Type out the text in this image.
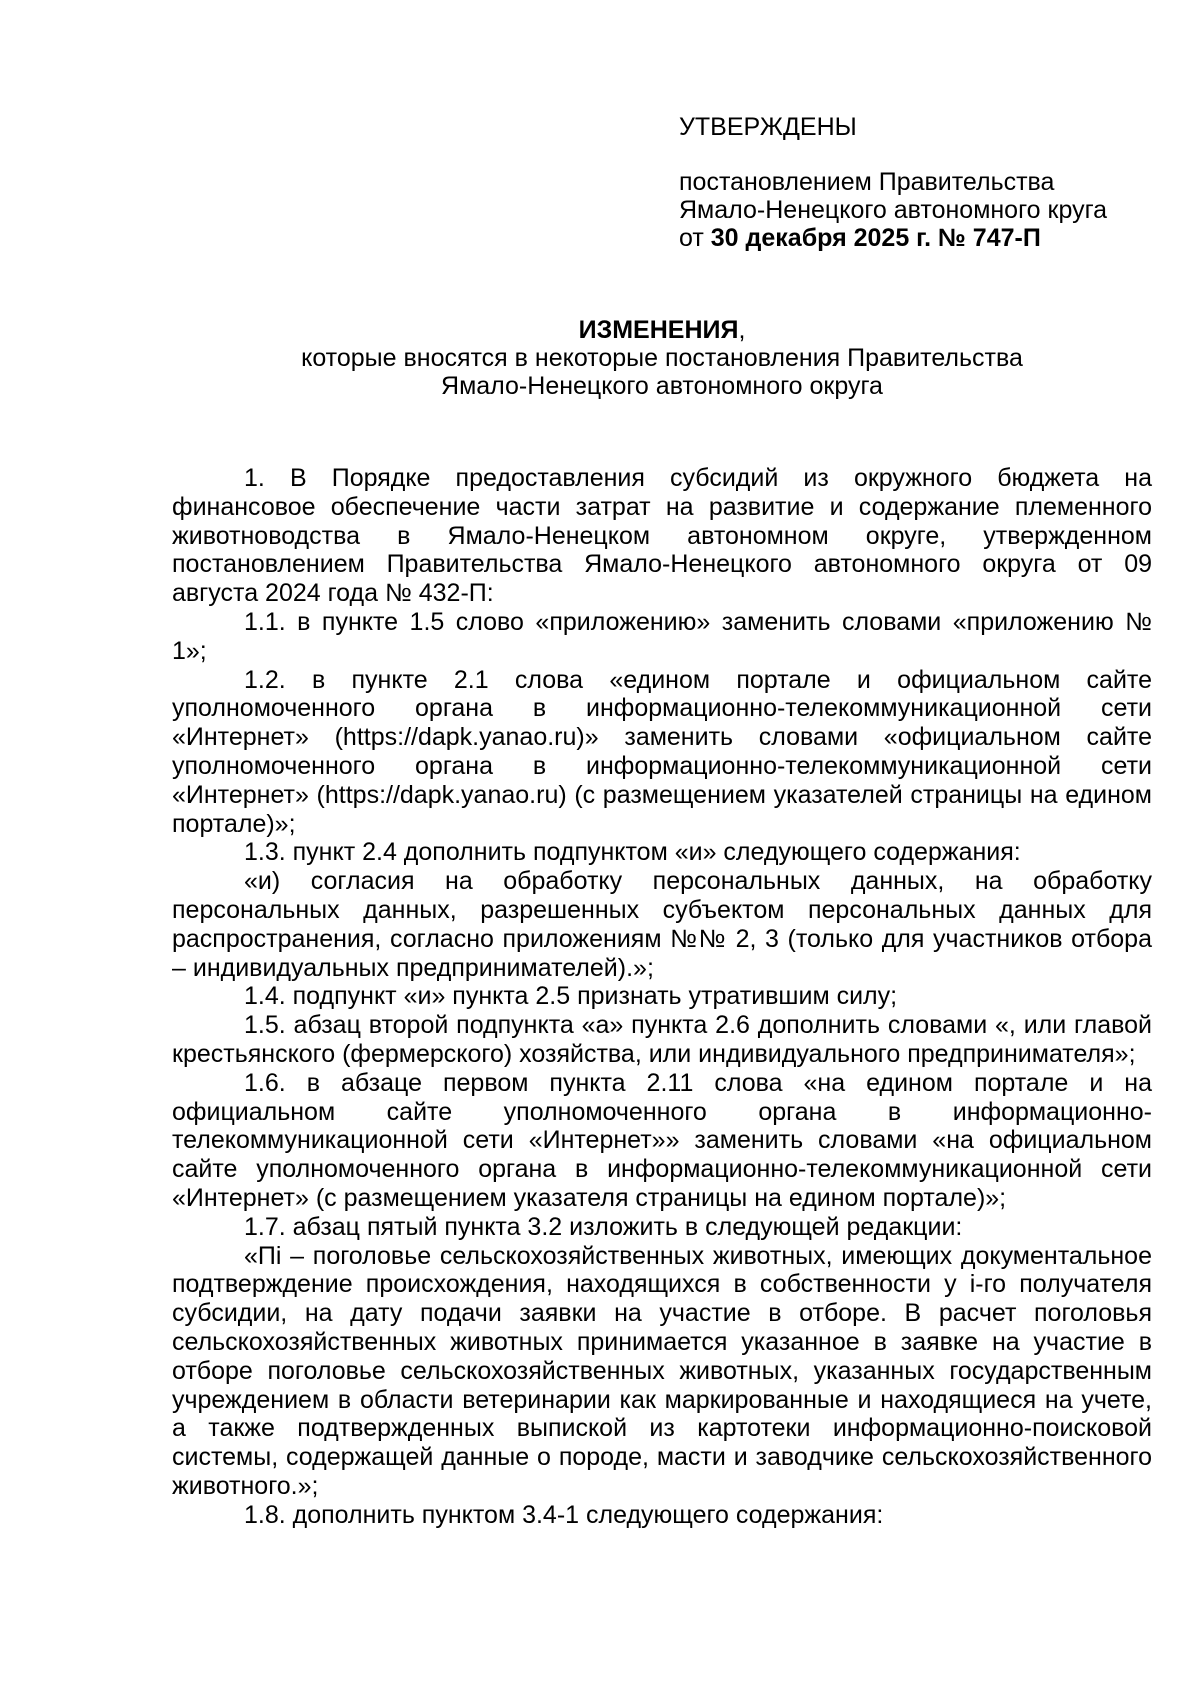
УТВЕРЖДЕНЫ
постановлением Правительства
Ямало-Ненецкого автономного круга
от 30 декабря 2025 г. № 747-П
ИЗМЕНЕНИЯ,
которые вносятся в некоторые постановления Правительства
Ямало-Ненецкого автономного округа

1. В Порядке предоставления субсидий из окружного бюджета на финансовое обеспечение части затрат на развитие и содержание племенного животноводства в Ямало-Ненецком автономном округе, утвержденном постановлением Правительства Ямало-Ненецкого автономного округа от 09 августа 2024 года № 432-П:

1.1. в пункте 1.5 слово «приложению» заменить словами «приложению № 1»;

1.2. в пункте 2.1 слова «едином портале и официальном сайте уполномоченного органа в информационно-телекоммуникационной сети «Интернет» (https://dapk.yanao.ru)» заменить словами «официальном сайте уполномоченного органа в информационно-телекоммуникационной сети «Интернет» (https://dapk.yanao.ru) (с размещением указателей страницы на едином портале)»;

1.3. пункт 2.4 дополнить подпунктом «и» следующего содержания:

«и) согласия на обработку персональных данных, на обработку персональных данных, разрешенных субъектом персональных данных для распространения, согласно приложениям №№ 2, 3 (только для участников отбора – индивидуальных предпринимателей).»;

1.4. подпункт «и» пункта 2.5 признать утратившим силу;

1.5. абзац второй подпункта «а» пункта 2.6 дополнить словами «, или главой крестьянского (фермерского) хозяйства, или индивидуального предпринимателя»;

1.6. в абзаце первом пункта 2.11 слова «на едином портале и на официальном сайте уполномоченного органа в информационно-телекоммуникационной сети «Интернет»» заменить словами «на официальном сайте уполномоченного органа в информационно-телекоммуникационной сети «Интернет» (с размещением указателя страницы на едином портале)»;

1.7. абзац пятый пункта 3.2 изложить в следующей редакции:

«Пi – поголовье сельскохозяйственных животных, имеющих документальное подтверждение происхождения, находящихся в собственности у i-го получателя субсидии, на дату подачи заявки на участие в отборе. В расчет поголовья сельскохозяйственных животных принимается указанное в заявке на участие в отборе поголовье сельскохозяйственных животных, указанных государственным учреждением в области ветеринарии как маркированные и находящиеся на учете, а также подтвержденных выпиской из картотеки информационно-поисковой системы, содержащей данные о породе, масти и заводчике сельскохозяйственного животного.»;

1.8. дополнить пунктом 3.4-1 следующего содержания:
